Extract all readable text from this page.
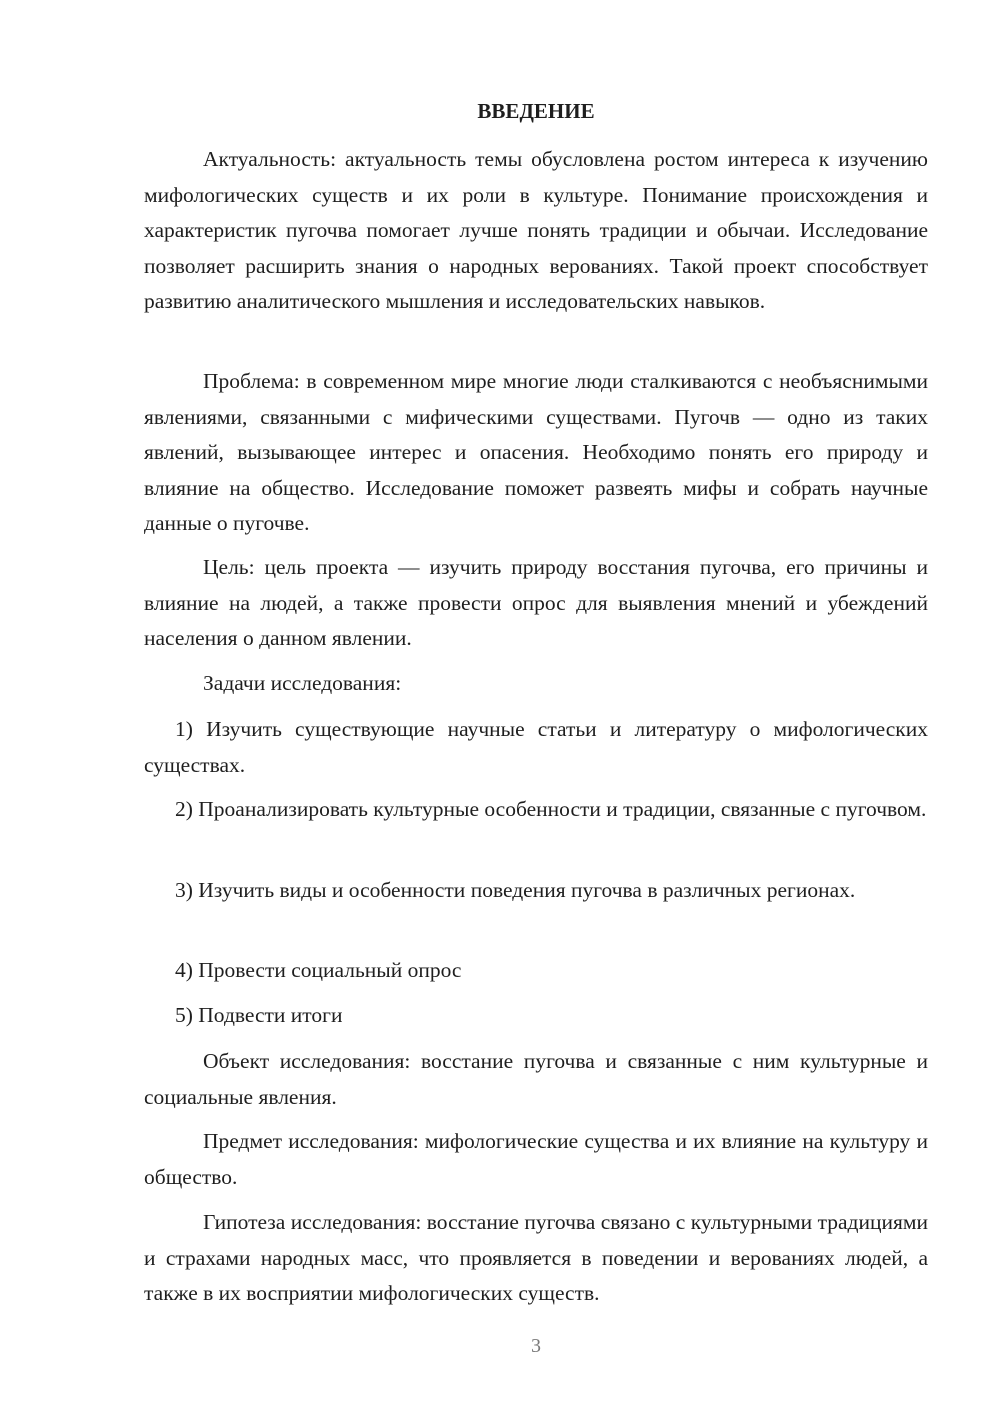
ВВЕДЕНИЕ

Актуальность: актуальность темы обусловлена ростом интереса к изучению мифологических существ и их роли в культуре. Понимание происхождения и характеристик пугочва помогает лучше понять традиции и обычаи. Исследование позволяет расширить знания о народных верованиях. Такой проект способствует развитию аналитического мышления и исследовательских навыков.

Проблема: в современном мире многие люди сталкиваются с необъяснимыми явлениями, связанными с мифическими существами. Пугочв — одно из таких явлений, вызывающее интерес и опасения. Необходимо понять его природу и влияние на общество. Исследование поможет развеять мифы и собрать научные данные о пугочве.

Цель: цель проекта — изучить природу восстания пугочва, его причины и влияние на людей, а также провести опрос для выявления мнений и убеждений населения о данном явлении.

Задачи исследования:

1) Изучить существующие научные статьи и литературу о мифологических существах.

2) Проанализировать культурные особенности и традиции, связанные с пугочвом.

3) Изучить виды и особенности поведения пугочва в различных регионах.

4) Провести социальный опрос

5) Подвести итоги

Объект исследования: восстание пугочва и связанные с ним культурные и социальные явления.

Предмет исследования: мифологические существа и их влияние на культуру и общество.

Гипотеза исследования: восстание пугочва связано с культурными традициями и страхами народных масс, что проявляется в поведении и верованиях людей, а также в их восприятии мифологических существ.

3
